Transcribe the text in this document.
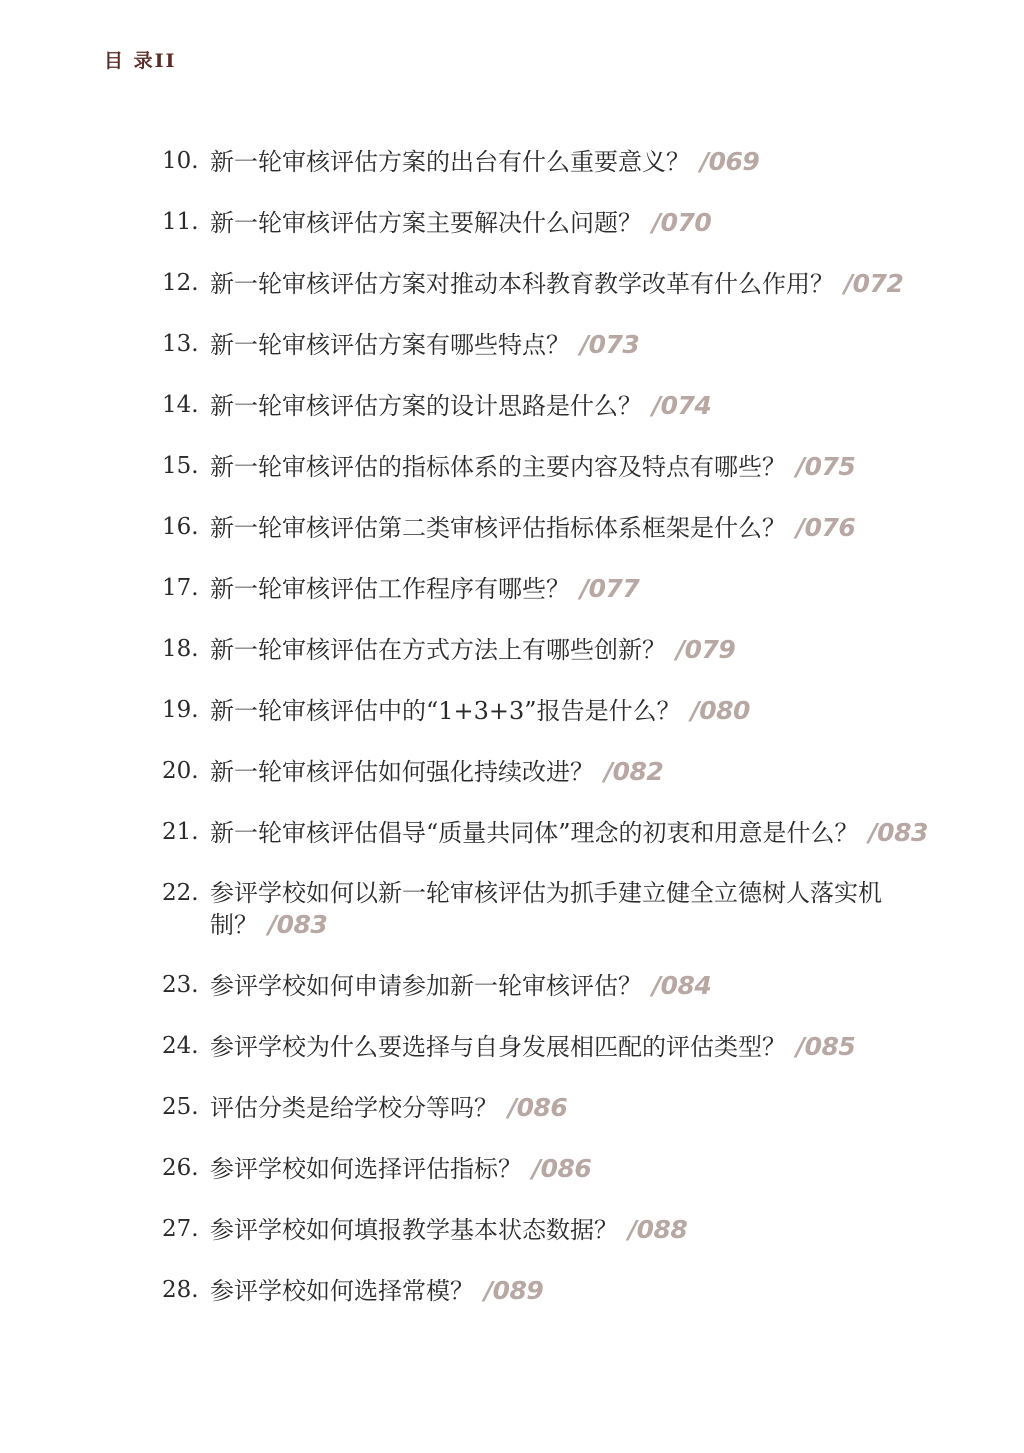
目 录II
10. 新一轮审核评估方案的出台有什么重要意义？ /069
11. 新一轮审核评估方案主要解决什么问题？ /070
12. 新一轮审核评估方案对推动本科教育教学改革有什么作用？ /072
13. 新一轮审核评估方案有哪些特点？ /073
14. 新一轮审核评估方案的设计思路是什么？ /074
15. 新一轮审核评估的指标体系的主要内容及特点有哪些？ /075
16. 新一轮审核评估第二类审核评估指标体系框架是什么？ /076
17. 新一轮审核评估工作程序有哪些？ /077
18. 新一轮审核评估在方式方法上有哪些创新？ /079
19. 新一轮审核评估中的“1+3+3”报告是什么？ /080
20. 新一轮审核评估如何强化持续改进？ /082
21. 新一轮审核评估倡导“质量共同体”理念的初衷和用意是什么？ /083
22. 参评学校如何以新一轮审核评估为抓手建立健全立德树人落实机制？ /083
23. 参评学校如何申请参加新一轮审核评估？ /084
24. 参评学校为什么要选择与自身发展相匹配的评估类型？ /085
25. 评估分类是给学校分等吗？ /086
26. 参评学校如何选择评估指标？ /086
27. 参评学校如何填报教学基本状态数据？ /088
28. 参评学校如何选择常模？ /089
